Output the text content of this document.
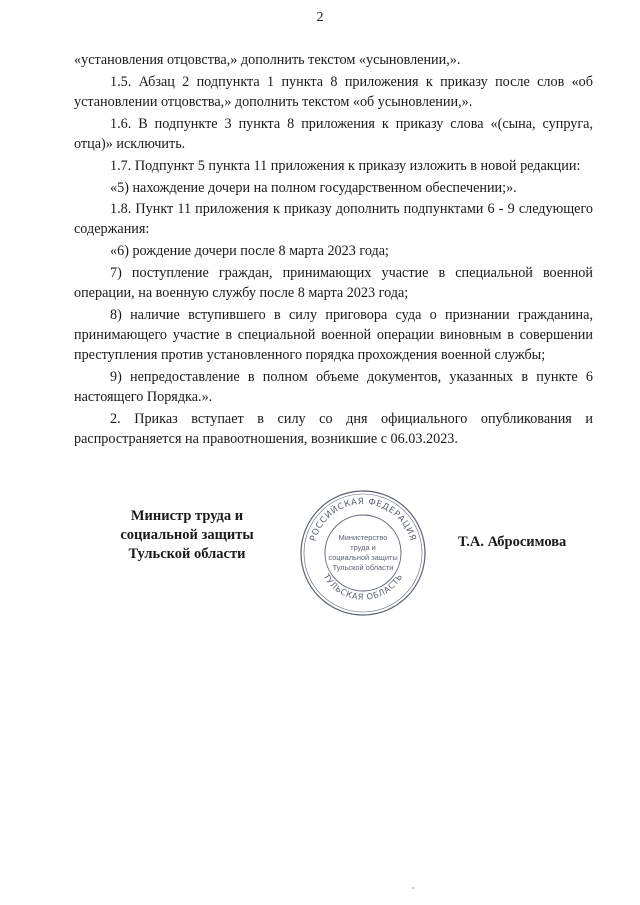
2

«установления отцовства,» дополнить текстом «усыновлении,».

1.5. Абзац 2 подпункта 1 пункта 8 приложения к приказу после слов «об установлении отцовства,» дополнить текстом «об усыновлении,».

1.6. В подпункте 3 пункта 8 приложения к приказу слова «(сына, супруга, отца)» исключить.

1.7. Подпункт 5 пункта 11 приложения к приказу изложить в новой редакции:

«5) нахождение дочери на полном государственном обеспечении;».

1.8. Пункт 11 приложения к приказу дополнить подпунктами 6 - 9 следующего содержания:

«6) рождение дочери после 8 марта 2023 года;

7) поступление граждан, принимающих участие в специальной военной операции, на военную службу после 8 марта 2023 года;

8) наличие вступившего в силу приговора суда о признании гражданина, принимающего участие в специальной военной операции виновным в совершении преступления против установленного порядка прохождения военной службы;

9) непредоставление в полном объеме документов, указанных в пункте 6 настоящего Порядка.».

2. Приказ вступает в силу со дня официального опубликования и распространяется на правоотношения, возникшие с 06.03.2023.

Министр труда и
социальной защиты
Тульской области
РОССИЙСКАЯ ФЕДЕРАЦИЯ
ТУЛЬСКАЯ ОБЛАСТЬ
Министерство
труда и
социальной защиты
Тульской области
Т.А. Абросимова
